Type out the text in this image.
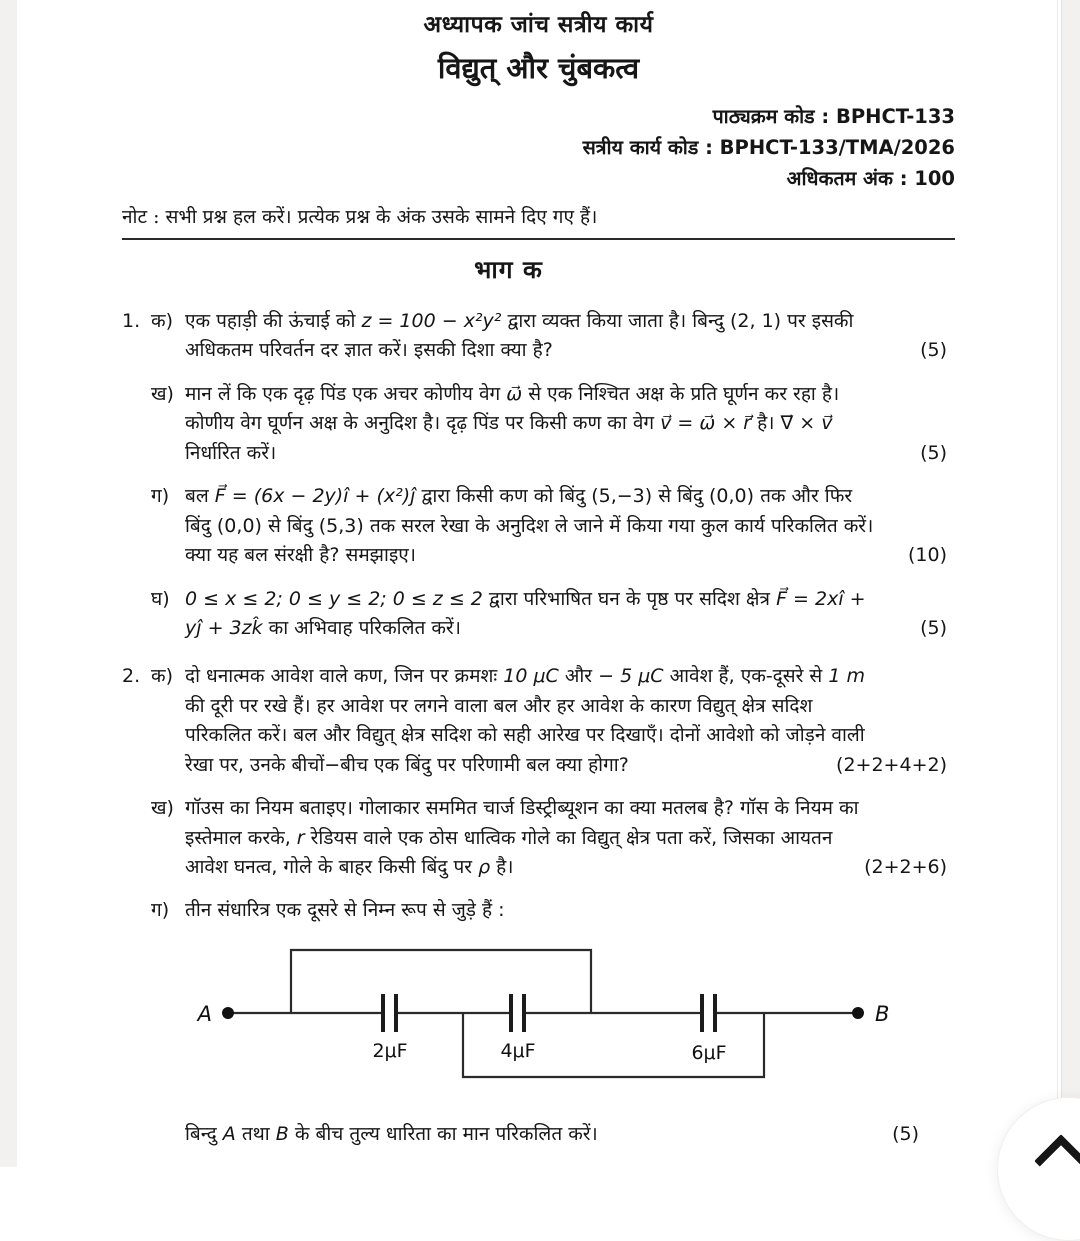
अध्यापक जांच सत्रीय कार्य
विद्युत् और चुंबकत्व
पाठ्यक्रम कोड : BPHCT-133
सत्रीय कार्य कोड : BPHCT-133/TMA/2026
अधिकतम अंक : 100
नोट : सभी प्रश्न हल करें। प्रत्येक प्रश्न के अंक उसके सामने दिए गए हैं।
भाग क
1. क) एक पहाड़ी की ऊंचाई को z = 100 − x²y² द्वारा व्यक्त किया जाता है। बिन्दु (2, 1) पर इसकी अधिकतम परिवर्तन दर ज्ञात करें। इसकी दिशा क्या है?	(5)
ख) मान लें कि एक दृढ़ पिंड एक अचर कोणीय वेग ω⃗ से एक निश्चित अक्ष के प्रति घूर्णन कर रहा है। कोणीय वेग घूर्णन अक्ष के अनुदिश है। दृढ़ पिंड पर किसी कण का वेग v⃗ = ω⃗ × r⃗ है। ∇⃗ × v⃗ निर्धारित करें।	(5)
ग) बल F⃗ = (6x − 2y)î + (x²)ĵ द्वारा किसी कण को बिंदु (5,−3) से बिंदु (0,0) तक और फिर बिंदु (0,0) से बिंदु (5,3) तक सरल रेखा के अनुदिश ले जाने में किया गया कुल कार्य परिकलित करें। क्या यह बल संरक्षी है? समझाइए।	(10)
घ) 0 ≤ x ≤ 2; 0 ≤ y ≤ 2; 0 ≤ z ≤ 2 द्वारा परिभाषित घन के पृष्ठ पर सदिश क्षेत्र F⃗ = 2xî + yĵ + 3zk̂ का अभिवाह परिकलित करें।	(5)
2. क) दो धनात्मक आवेश वाले कण, जिन पर क्रमशः 10 μC और − 5 μC आवेश हैं, एक-दूसरे से 1 m की दूरी पर रखे हैं। हर आवेश पर लगने वाला बल और हर आवेश के कारण विद्युत् क्षेत्र सदिश परिकलित करें। बल और विद्युत् क्षेत्र सदिश को सही आरेख पर दिखाएँ। दोनों आवेशो को जोड़ने वाली रेखा पर, उनके बीचों−बीच एक बिंदु पर परिणामी बल क्या होगा?	(2+2+4+2)
ख) गॉउस का नियम बताइए। गोलाकार सममित चार्ज डिस्ट्रीब्यूशन का क्या मतलब है? गॉस के नियम का इस्तेमाल करके, r रेडियस वाले एक ठोस धात्विक गोले का विद्युत् क्षेत्र पता करें, जिसका आयतन आवेश घनत्व, गोले के बाहर किसी बिंदु पर ρ है।	(2+2+6)
ग) तीन संधारित्र एक दूसरे से निम्न रूप से जुड़े हैं :
A	B
2μF	4μF	6μF
बिन्दु A तथा B के बीच तुल्य धारिता का मान परिकलित करें।	(5)
